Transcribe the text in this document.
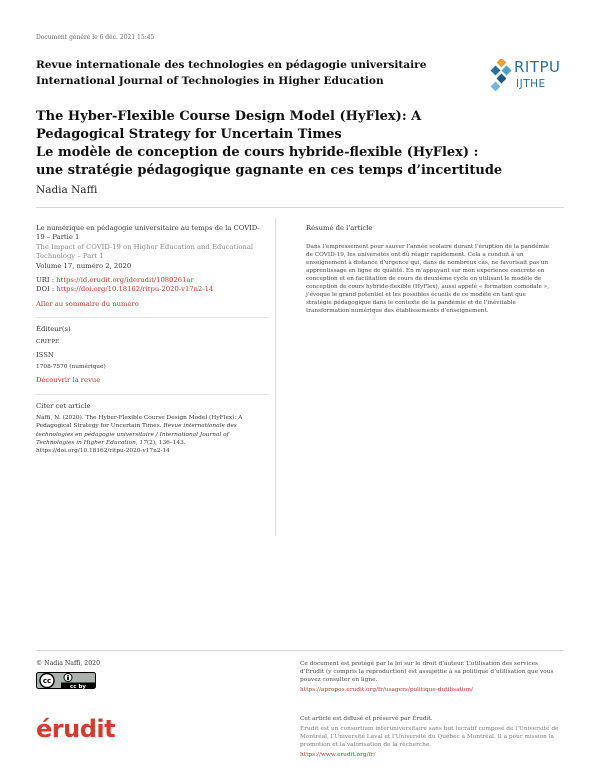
Document généré le 6 déc. 2021 15:45
Revue internationale des technologies en pédagogie universitaire
International Journal of Technologies in Higher Education
RITPU
IJTHE
The Hyber-Flexible Course Design Model (HyFlex): A
Pedagogical Strategy for Uncertain Times
Le modèle de conception de cours hybride-flexible (HyFlex) :
une stratégie pédagogique gagnante en ces temps d’incertitude
Nadia Naffi
Le numérique en pédagogie universitaire au temps de la COVID-19 – Partie 1
The Impact of COVID-19 on Higher Education and Educational Technology – Part 1
Volume 17, numéro 2, 2020
URI : https://id.erudit.org/iderudit/1080261ar
DOI : https://doi.org/10.18162/ritpu-2020-v17n2-14
Aller au sommaire du numéro
Éditeur(s)
CRIFPE
ISSN
1708-7570 (numérique)
Découvrir la revue
Citer cet article
Naffi, N. (2020). The Hyber-Flexible Course Design Model (HyFlex): A Pedagogical Strategy for Uncertain Times. Revue internationale des technologies en pédagogie universitaire / International Journal of Technologies in Higher Education, 17(2), 136–143. https://doi.org/10.18162/ritpu-2020-v17n2-14
Résumé de l'article
Dans l’empressement pour sauver l’année scolaire durant l’éruption de la pandémie de COVID-19, les universités ont dû réagir rapidement. Cela a conduit à un enseignement à distance d’urgence qui, dans de nombreux cas, ne favorisait pas un apprentissage en ligne de qualité. En m’appuyant sur mon expérience concrète en conception et en facilitation de cours de deuxième cycle en utilisant le modèle de conception de cours hybride-flexible (HyFlex), aussi appelé « formation comodale », j’évoque le grand potentiel et les possibles écueils de ce modèle en tant que stratégie pédagogique dans le contexte de la pandémie et de l’inévitable transformation numérique des établissements d’enseignement.
© Nadia Naffi, 2020
cc
cc by
Ce document est protégé par la loi sur le droit d’auteur. L’utilisation des services d’Érudit (y compris la reproduction) est assujettie à sa politique d’utilisation que vous pouvez consulter en ligne.
https://apropos.erudit.org/fr/usagers/politique-dutilisation/
érudit	Cet article est diffusé et préservé par Érudit.
Érudit est un consortium interuniversitaire sans but lucratif composé de l’Université de Montréal, l’Université Laval et l’Université du Québec à Montréal. Il a pour mission la promotion et la valorisation de la recherche.
https://www.erudit.org/fr/
